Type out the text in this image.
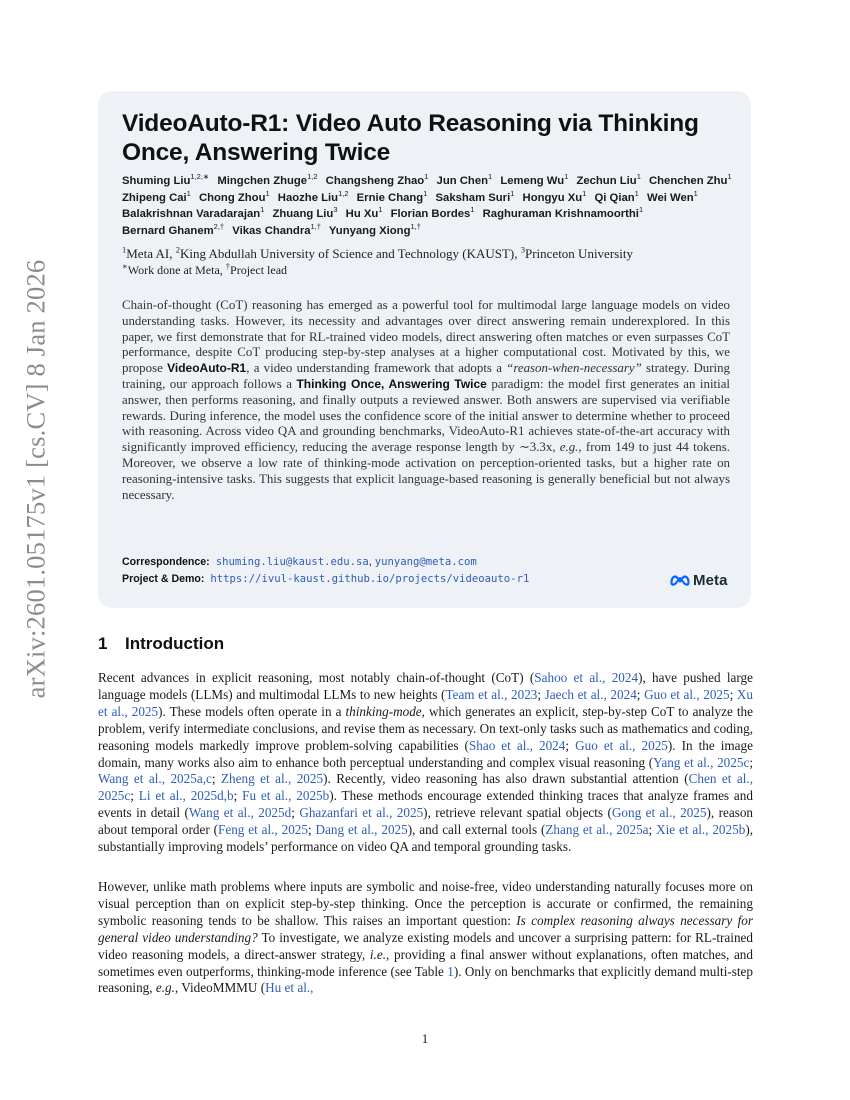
arXiv:2601.05175v1 [cs.CV] 8 Jan 2026
VideoAuto-R1: Video Auto Reasoning via Thinking Once, Answering Twice
Shuming Liu$^{1,2,∗}$ Mingchen Zhuge$^{1,2}$ Changsheng Zhao$^1$ Jun Chen$^1$ Lemeng Wu$^1$ Zechun Liu$^1$ Chenchen Zhu$^1$ Zhipeng Cai$^1$ Chong Zhou$^1$ Haozhe Liu$^{1,2}$ Ernie Chang$^1$ Saksham Suri$^1$ Hongyu Xu$^1$ Qi Qian$^1$ Wei Wen$^1$ Balakrishnan Varadarajan$^1$ Zhuang Liu$^3$ Hu Xu$^1$ Florian Bordes$^1$ Raghuraman Krishnamoorthi$^1$ Bernard Ghanem$^{2,\dagger}$ Vikas Chandra$^{1,\dagger}$ Yunyang Xiong$^{1,\dagger}$
$^1$Meta AI, $^2$King Abdullah University of Science and Technology (KAUST), $^3$Princeton University
∗Work done at Meta, †Project lead
Chain-of-thought (CoT) reasoning has emerged as a powerful tool for multimodal large language models on video understanding tasks. However, its necessity and advantages over direct answering remain underexplored. In this paper, we first demonstrate that for RL-trained video models, direct answering often matches or even surpasses CoT performance, despite CoT producing step-by-step analyses at a higher computational cost. Motivated by this, we propose VideoAuto-R1, a video understanding framework that adopts a “reason-when-necessary” strategy. During training, our approach follows a Thinking Once, Answering Twice paradigm: the model first generates an initial answer, then performs reasoning, and finally outputs a reviewed answer. Both answers are supervised via verifiable rewards. During inference, the model uses the confidence score of the initial answer to determine whether to proceed with reasoning. Across video QA and grounding benchmarks, VideoAuto-R1 achieves state-of-the-art accuracy with significantly improved efficiency, reducing the average response length by ∼3.3x, e.g., from 149 to just 44 tokens. Moreover, we observe a low rate of thinking-mode activation on perception-oriented tasks, but a higher rate on reasoning-intensive tasks. This suggests that explicit language-based reasoning is generally beneficial but not always necessary.
Correspondence: shuming.liu@kaust.edu.sa, yunyang@meta.com
Project & Demo: https://ivul-kaust.github.io/projects/videoauto-r1	Meta
1 Introduction
Recent advances in explicit reasoning, most notably chain-of-thought (CoT) (Sahoo et al., 2024), have pushed large language models (LLMs) and multimodal LLMs to new heights (Team et al., 2023; Jaech et al., 2024; Guo et al., 2025; Xu et al., 2025). These models often operate in a thinking-mode, which generates an explicit, step-by-step CoT to analyze the problem, verify intermediate conclusions, and revise them as necessary. On text-only tasks such as mathematics and coding, reasoning models markedly improve problem-solving capabilities (Shao et al., 2024; Guo et al., 2025). In the image domain, many works also aim to enhance both perceptual understanding and complex visual reasoning (Yang et al., 2025c; Wang et al., 2025a,c; Zheng et al., 2025). Recently, video reasoning has also drawn substantial attention (Chen et al., 2025c; Li et al., 2025d,b; Fu et al., 2025b). These methods encourage extended thinking traces that analyze frames and events in detail (Wang et al., 2025d; Ghazanfari et al., 2025), retrieve relevant spatial objects (Gong et al., 2025), reason about temporal order (Feng et al., 2025; Dang et al., 2025), and call external tools (Zhang et al., 2025a; Xie et al., 2025b), substantially improving models’ performance on video QA and temporal grounding tasks.
However, unlike math problems where inputs are symbolic and noise-free, video understanding naturally focuses more on visual perception than on explicit step-by-step thinking. Once the perception is accurate or confirmed, the remaining symbolic reasoning tends to be shallow. This raises an important question: Is complex reasoning always necessary for general video understanding? To investigate, we analyze existing models and uncover a surprising pattern: for RL-trained video reasoning models, a direct-answer strategy, i.e., providing a final answer without explanations, often matches, and sometimes even outperforms, thinking-mode inference (see Table 1). Only on benchmarks that explicitly demand multi-step reasoning, e.g., VideoMMMU (Hu et al.,
1
